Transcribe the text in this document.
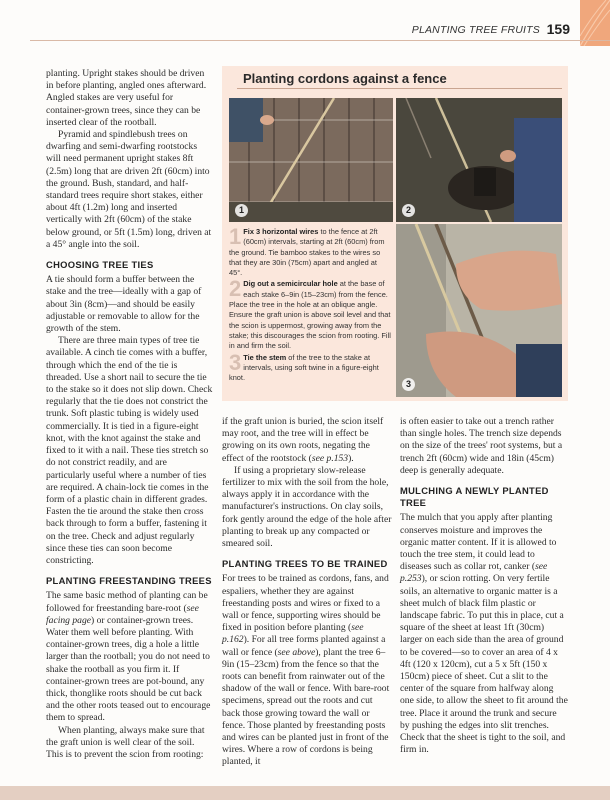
PLANTING TREE FRUITS 159

planting. Upright stakes should be driven in before planting, angled ones afterward. Angled stakes are very useful for container-grown trees, since they can be inserted clear of the rootball.

Pyramid and spindlebush trees on dwarfing and semi-dwarfing rootstocks will need permanent upright stakes 8ft (2.5m) long that are driven 2ft (60cm) into the ground. Bush, standard, and half-standard trees require short stakes, either about 4ft (1.2m) long and inserted vertically with 2ft (60cm) of the stake below ground, or 5ft (1.5m) long, driven at a 45° angle into the soil.

CHOOSING TREE TIES

A tie should form a buffer between the stake and the tree—ideally with a gap of about 3in (8cm)—and should be easily adjustable or removable to allow for the growth of the stem.

There are three main types of tree tie available. A cinch tie comes with a buffer, through which the end of the tie is threaded. Use a short nail to secure the tie to the stake so it does not slip down. Check regularly that the tie does not constrict the trunk. Soft plastic tubing is widely used commercially. It is tied in a figure-eight knot, with the knot against the stake and fixed to it with a nail. These ties stretch so do not constrict readily, and are particularly useful where a number of ties are required. A chain-lock tie comes in the form of a plastic chain in different grades. Fasten the tie around the stake then cross back through to form a buffer, fastening it on the tree. Check and adjust regularly since these ties can soon become constricting.

PLANTING FREESTANDING TREES

The same basic method of planting can be followed for freestanding bare-root (see facing page) or container-grown trees. Water them well before planting. With container-grown trees, dig a hole a little larger than the rootball; you do not need to shake the rootball as you firm it. If container-grown trees are pot-bound, any thick, thonglike roots should be cut back and the other roots teased out to encourage them to spread.

When planting, always make sure that the graft union is well clear of the soil. This is to prevent the scion from rooting:

Planting cordons against a fence
1	2
3
1 Fix 3 horizontal wires to the fence at 2ft (60cm) intervals, starting at 2ft (60cm) from the ground. Tie bamboo stakes to the wires so that they are 30in (75cm) apart and angled at 45°.
2 Dig out a semicircular hole at the base of each stake 6–9in (15–23cm) from the fence. Place the tree in the hole at an oblique angle. Ensure the graft union is above soil level and that the scion is uppermost, growing away from the stake; this discourages the scion from rooting. Fill in and firm the soil.
3 Tie the stem of the tree to the stake at intervals, using soft twine in a figure-eight knot.

if the graft union is buried, the scion itself may root, and the tree will in effect be growing on its own roots, negating the effect of the rootstock (see p.153).

If using a proprietary slow-release fertilizer to mix with the soil from the hole, always apply it in accordance with the manufacturer's instructions. On clay soils, fork gently around the edge of the hole after planting to break up any compacted or smeared soil.

PLANTING TREES TO BE TRAINED

For trees to be trained as cordons, fans, and espaliers, whether they are against freestanding posts and wires or fixed to a wall or fence, supporting wires should be fixed in position before planting (see p.162). For all tree forms planted against a wall or fence (see above), plant the tree 6–9in (15–23cm) from the fence so that the roots can benefit from rainwater out of the shadow of the wall or fence. With bare-root specimens, spread out the roots and cut back those growing toward the wall or fence. Those planted by freestanding posts and wires can be planted just in front of the wires. Where a row of cordons is being planted, it

is often easier to take out a trench rather than single holes. The trench size depends on the size of the trees' root systems, but a trench 2ft (60cm) wide and 18in (45cm) deep is generally adequate.

MULCHING A NEWLY PLANTED TREE

The mulch that you apply after planting conserves moisture and improves the organic matter content. If it is allowed to touch the tree stem, it could lead to diseases such as collar rot, canker (see p.253), or scion rotting. On very fertile soils, an alternative to organic matter is a sheet mulch of black film plastic or landscape fabric. To put this in place, cut a square of the sheet at least 1ft (30cm) larger on each side than the area of ground to be covered—so to cover an area of 4 x 4ft (120 x 120cm), cut a 5 x 5ft (150 x 150cm) piece of sheet. Cut a slit to the center of the square from halfway along one side, to allow the sheet to fit around the tree. Place it around the trunk and secure by pushing the edges into slit trenches. Check that the sheet is tight to the soil, and firm in.
